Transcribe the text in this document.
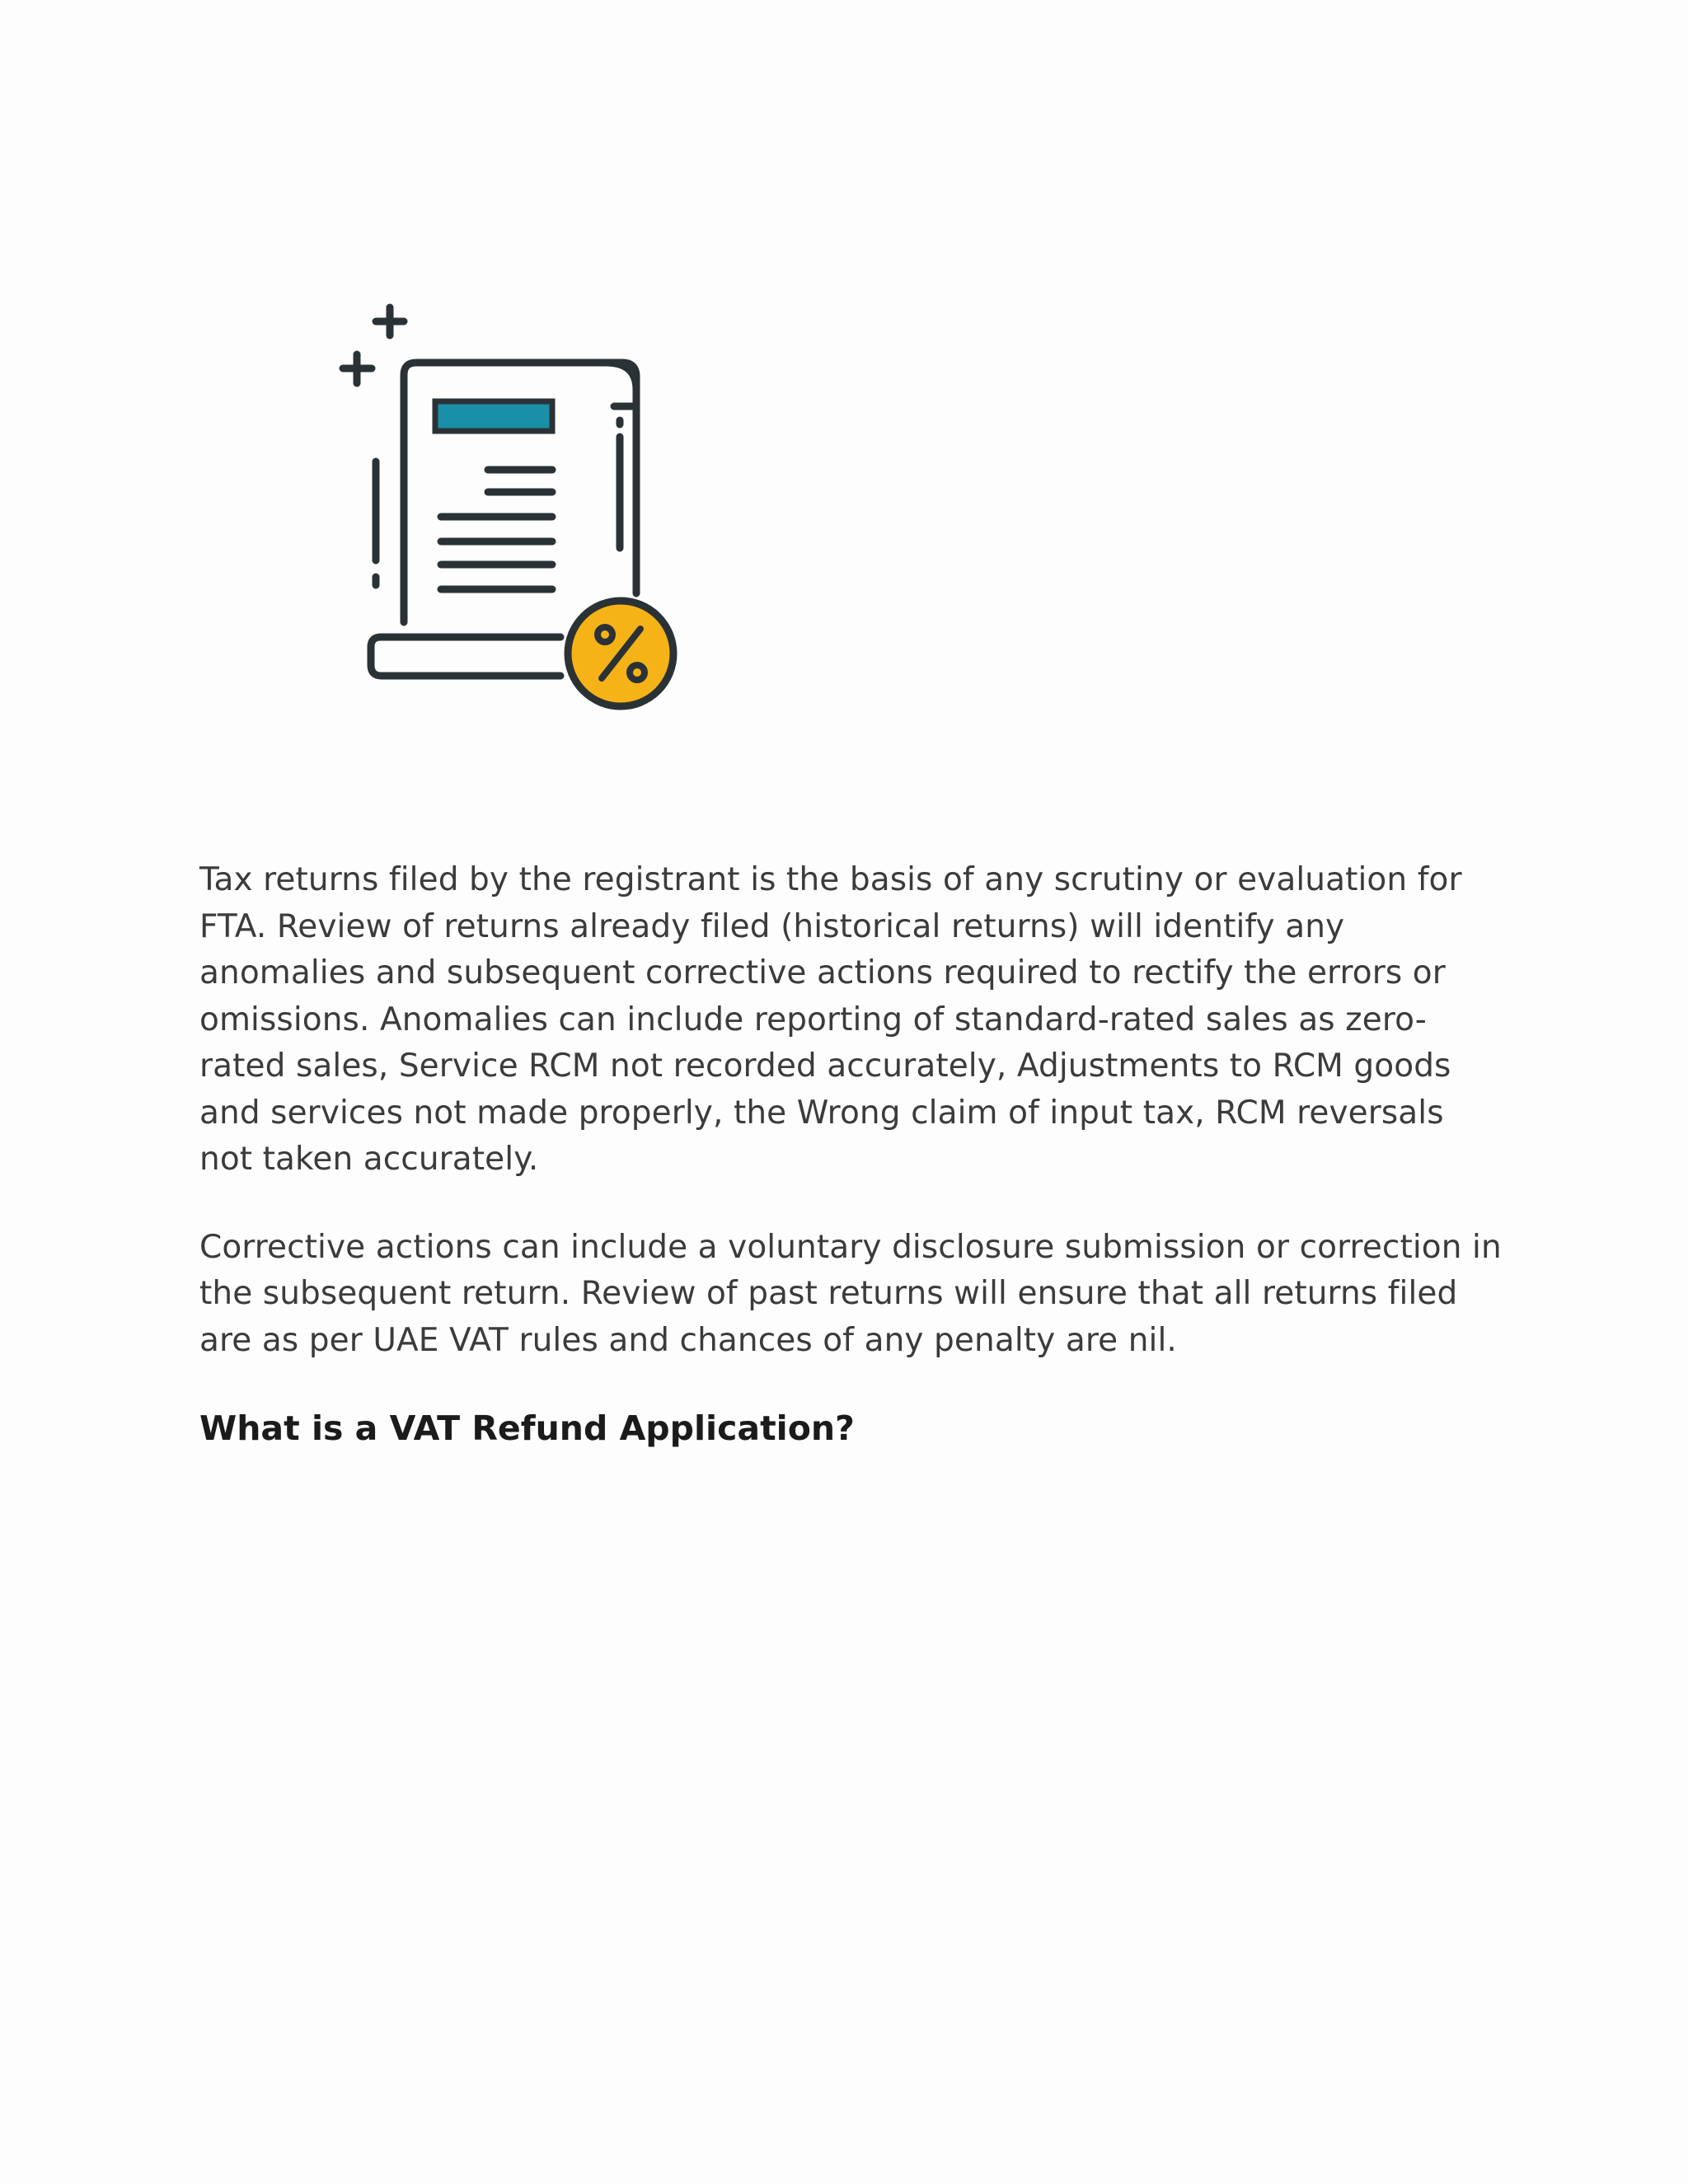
Tax returns filed by the registrant is the basis of any scrutiny or evaluation for FTA. Review of returns already filed (historical returns) will identify any anomalies and subsequent corrective actions required to rectify the errors or omissions. Anomalies can include reporting of standard-rated sales as zero-rated sales, Service RCM not recorded accurately, Adjustments to RCM goods and services not made properly, the Wrong claim of input tax, RCM reversals not taken accurately.

Corrective actions can include a voluntary disclosure submission or correction in the subsequent return. Review of past returns will ensure that all returns filed are as per UAE VAT rules and chances of any penalty are nil.

What is a VAT Refund Application?
